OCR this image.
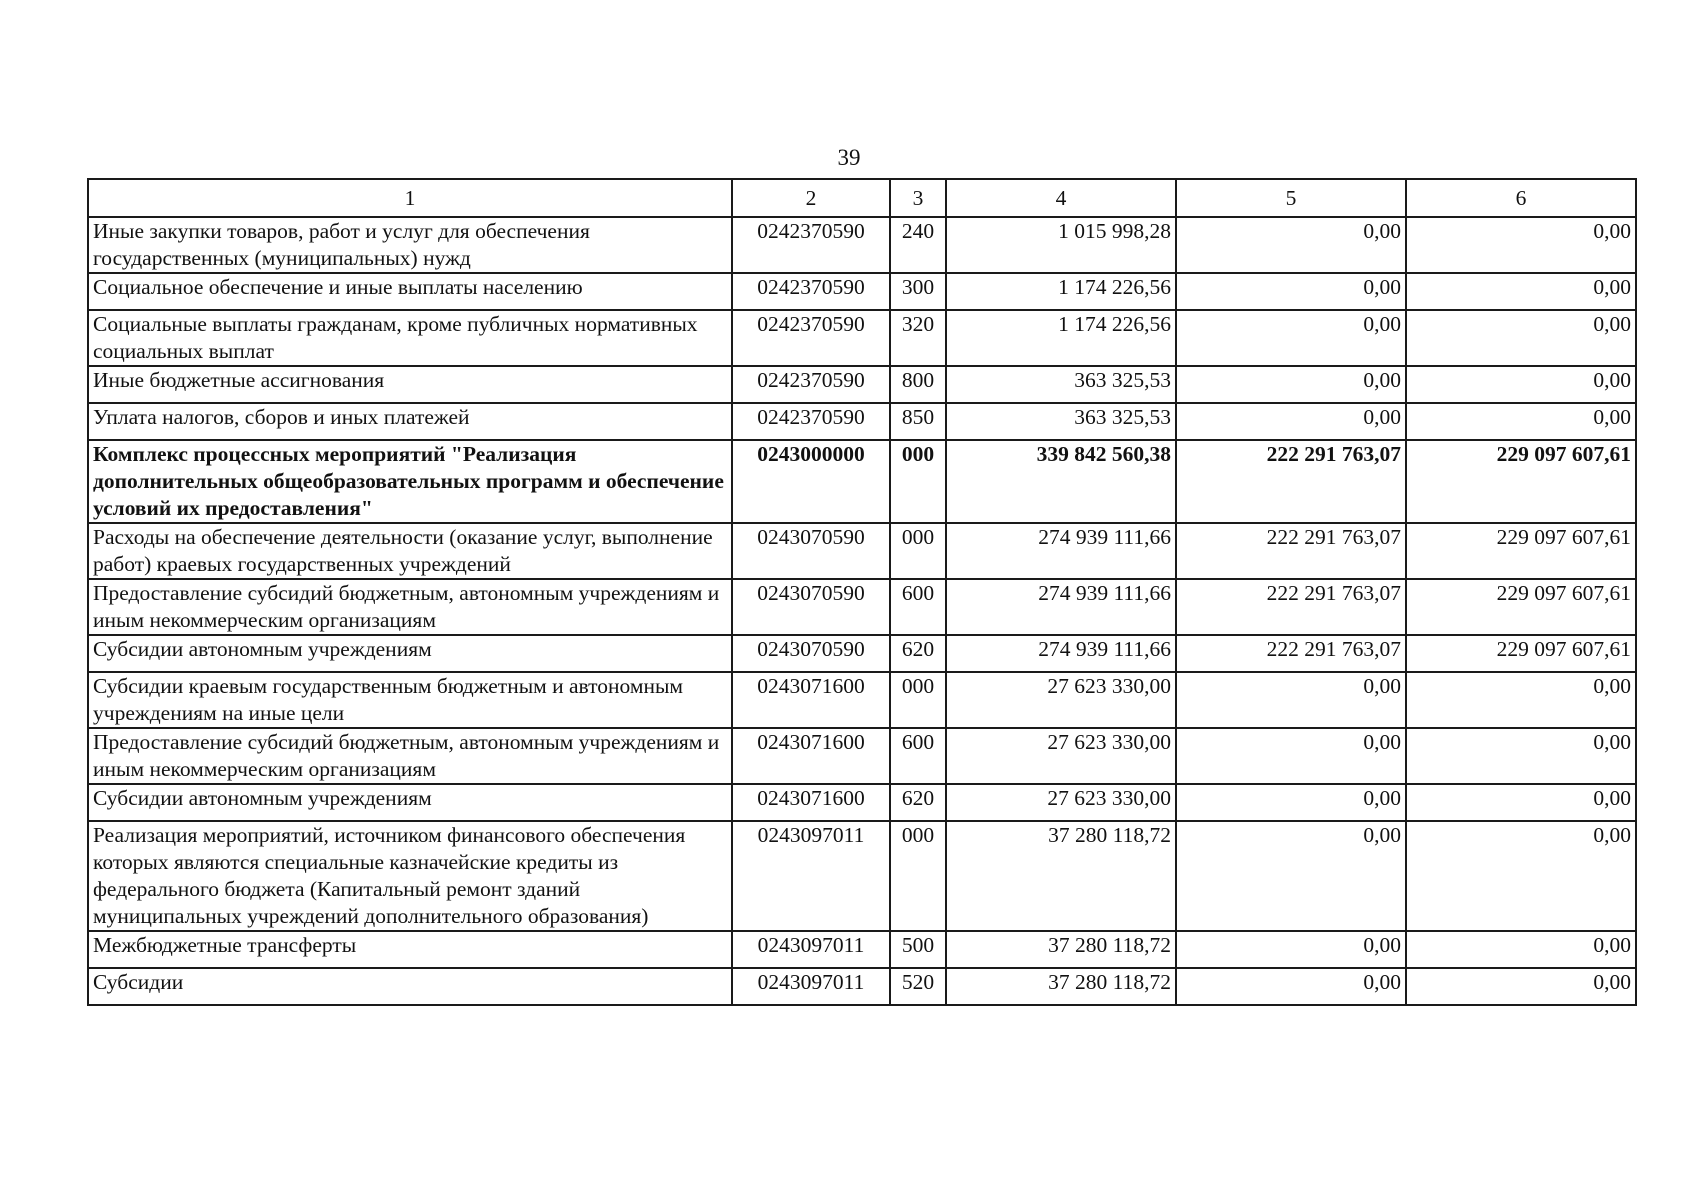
39
1	2	3	4	5	6
Иные закупки товаров, работ и услуг для обеспечения государственных (муниципальных) нужд	0242370590	240	1 015 998,28	0,00	0,00
Социальное обеспечение и иные выплаты населению	0242370590	300	1 174 226,56	0,00	0,00
Социальные выплаты гражданам, кроме публичных нормативных социальных выплат	0242370590	320	1 174 226,56	0,00	0,00
Иные бюджетные ассигнования	0242370590	800	363 325,53	0,00	0,00
Уплата налогов, сборов и иных платежей	0242370590	850	363 325,53	0,00	0,00
Комплекс процессных мероприятий "Реализация дополнительных общеобразовательных программ и обеспечение условий их предоставления"	0243000000	000	339 842 560,38	222 291 763,07	229 097 607,61
Расходы на обеспечение деятельности (оказание услуг, выполнение работ) краевых государственных учреждений	0243070590	000	274 939 111,66	222 291 763,07	229 097 607,61
Предоставление субсидий бюджетным, автономным учреждениям и иным некоммерческим организациям	0243070590	600	274 939 111,66	222 291 763,07	229 097 607,61
Субсидии автономным учреждениям	0243070590	620	274 939 111,66	222 291 763,07	229 097 607,61
Субсидии краевым государственным бюджетным и автономным учреждениям на иные цели	0243071600	000	27 623 330,00	0,00	0,00
Предоставление субсидий бюджетным, автономным учреждениям и иным некоммерческим организациям	0243071600	600	27 623 330,00	0,00	0,00
Субсидии автономным учреждениям	0243071600	620	27 623 330,00	0,00	0,00
Реализация мероприятий, источником финансового обеспечения которых являются специальные казначейские кредиты из федерального бюджета (Капитальный ремонт зданий муниципальных учреждений дополнительного образования)	0243097011	000	37 280 118,72	0,00	0,00
Межбюджетные трансферты	0243097011	500	37 280 118,72	0,00	0,00
Субсидии	0243097011	520	37 280 118,72	0,00	0,00
